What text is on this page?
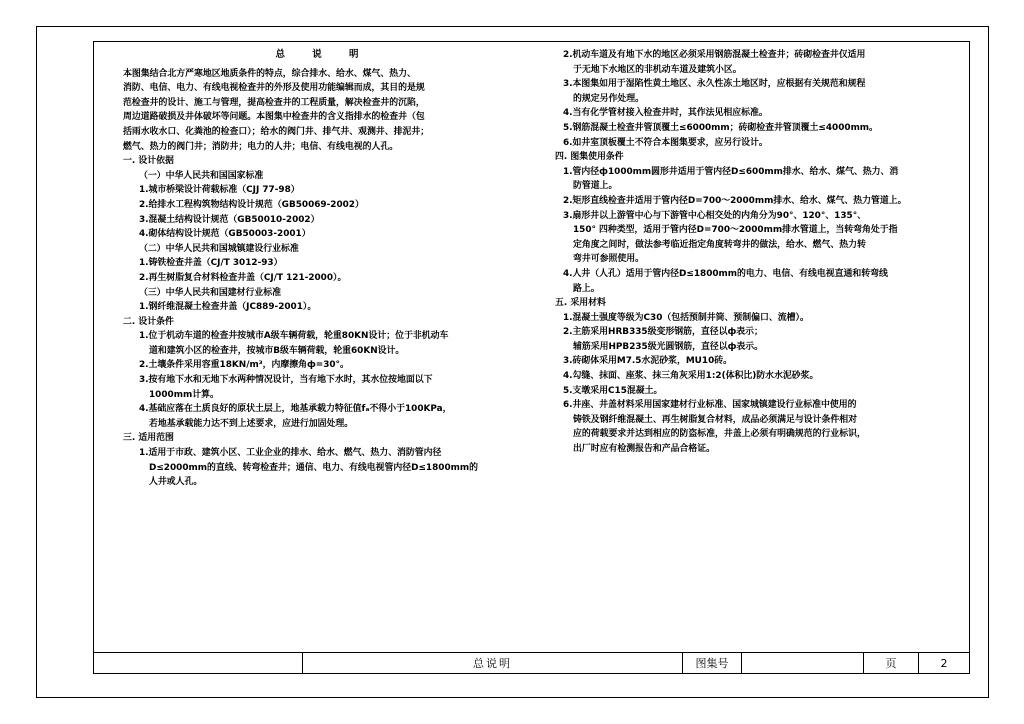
总 说 明
本图集结合北方严寒地区地质条件的特点，综合排水、给水、煤气、热力、
消防、电信、电力、有线电视检查井的外形及使用功能编辑而成，其目的是规
范检查井的设计、施工与管理，提高检查井的工程质量，解决检查井的沉陷，
周边道路破损及井体破坏等问题。本图集中检查井的含义指排水的检查井（包
括雨水收水口、化粪池的检查口）；给水的阀门井、排气井、观测井、排泥井；
燃气、热力的阀门井；消防井；电力的人井；电信、有线电视的人孔。
一. 设计依据
（一）中华人民共和国国家标准
1.城市桥梁设计荷载标准（CJJ 77-98）
2.给排水工程构筑物结构设计规范（GB50069-2002）
3.混凝土结构设计规范（GB50010-2002）
4.砌体结构设计规范（GB50003-2001）
（二）中华人民共和国城镇建设行业标准
1.铸铁检查井盖（CJ/T 3012-93）
2.再生树脂复合材料检查井盖（CJ/T 121-2000）。
（三）中华人民共和国建材行业标准
1.钢纤维混凝土检查井盖（JC889-2001）。
二. 设计条件
1.位于机动车道的检查井按城市A级车辆荷载，轮重80KN设计；位于非机动车
道和建筑小区的检查井，按城市B级车辆荷载，轮重60KN设计。
2.土壤条件采用容重18KN/m³，内摩擦角ф=30°。
3.按有地下水和无地下水两种情况设计，当有地下水时，其水位按地面以下
1000mm计算。
4.基础应落在土质良好的原状土层上，地基承载力特征值fₐ不得小于100KPa，
若地基承载能力达不到上述要求，应进行加固处理。
三. 适用范围
1.适用于市政、建筑小区、工业企业的排水、给水、燃气、热力、消防管内径
D≤2000mm的直线、转弯检查井；通信、电力、有线电视管内径D≤1800mm的
人井或人孔。
2.机动车道及有地下水的地区必须采用钢筋混凝土检查井；砖砌检查井仅适用
于无地下水地区的非机动车道及建筑小区。
3.本图集如用于湿陷性黄土地区、永久性冻土地区时，应根据有关规范和规程
的规定另作处理。
4.当有化学管材接入检查井时，其作法见相应标准。
5.钢筋混凝土检查井管顶覆土≤6000mm；砖砌检查井管顶覆土≤4000mm。
6.如井室顶板覆土不符合本图集要求，应另行设计。
四. 图集使用条件
1.管内径ф1000mm圆形井适用于管内径D≤600mm排水、给水、煤气、热力、消
防管道上。
2.矩形直线检查井适用于管内径D=700～2000mm排水、给水、煤气、热力管道上。
3.扇形井以上游管中心与下游管中心相交处的内角分为90°、120°、135°、
150° 四种类型，适用于管内径D=700～2000mm排水管道上，当转弯角处于指
定角度之间时，做法参考临近指定角度转弯井的做法，给水、燃气、热力转
弯井可参照使用。
4.人井（人孔）适用于管内径D≤1800mm的电力、电信、有线电视直通和转弯线
路上。
五. 采用材料
1.混凝土强度等级为C30（包括预制井筒、预制偏口、流槽）。
2.主筋采用HRB335级变形钢筋，直径以ф表示；
辅筋采用HPB235级光圆钢筋，直径以ф表示。
3.砖砌体采用M7.5水泥砂浆，MU10砖。
4.勾缝、抹面、座浆、抹三角灰采用1:2(体积比)防水水泥砂浆。
5.支墩采用C15混凝土。
6.井座、井盖材料采用国家建材行业标准、国家城镇建设行业标准中使用的
铸铁及钢纤维混凝土、再生树脂复合材料，成品必须满足与设计条件相对
应的荷载要求并达到相应的防盗标准，井盖上必须有明确规范的行业标识，
出厂时应有检测报告和产品合格证。
总说明	图集号	页	2
